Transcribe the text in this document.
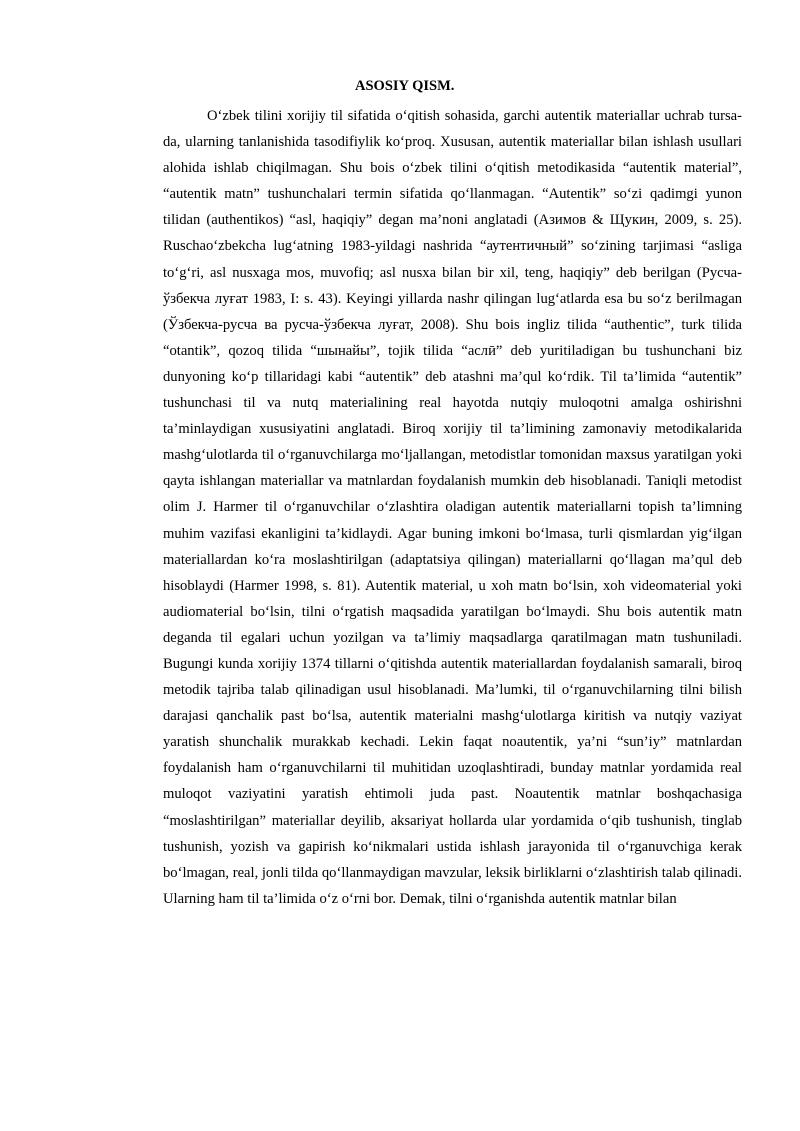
ASOSIY QISM.

O‘zbek tilini xorijiy til sifatida o‘qitish sohasida, garchi autentik materiallar uchrab tursa-da, ularning tanlanishida tasodifiylik ko‘proq. Xususan, autentik materiallar bilan ishlash usullari alohida ishlab chiqilmagan. Shu bois o‘zbek tilini o‘qitish metodikasida “autentik material”, “autentik matn” tushunchalari termin sifatida qo‘llanmagan. “Autentik” so‘zi qadimgi yunon tilidan (authentikos) “asl, haqiqiy” degan ma’noni anglatadi (Азимов & Щукин, 2009, s. 25). Ruschao‘zbekcha lug‘atning 1983-yildagi nashrida “аутентичный” so‘zining tarjimasi “asliga to‘g‘ri, asl nusxaga mos, muvofiq; asl nusxa bilan bir xil, teng, haqiqiy” deb berilgan (Русча-ўзбекча луғат 1983, I: s. 43). Keyingi yillarda nashr qilingan lug‘atlarda esa bu so‘z berilmagan (Ўзбекча-русча ва русча-ўзбекча луғат, 2008). Shu bois ingliz tilida “authentic”, turk tilida “otantik”, qozoq tilida “шынайы”, tojik tilida “аслӣ” deb yuritiladigan bu tushunchani biz dunyoning ko‘p tillaridagi kabi “autentik” deb atashni ma’qul ko‘rdik. Til ta’limida “autentik” tushunchasi til va nutq materialining real hayotda nutqiy muloqotni amalga oshirishni ta’minlaydigan xususiyatini anglatadi. Biroq xorijiy til ta’limining zamonaviy metodikalarida mashg‘ulotlarda til o‘rganuvchilarga mo‘ljallangan, metodistlar tomonidan maxsus yaratilgan yoki qayta ishlangan materiallar va matnlardan foydalanish mumkin deb hisoblanadi. Taniqli metodist olim J. Harmer til o‘rganuvchilar o‘zlashtira oladigan autentik materiallarni topish ta’limning muhim vazifasi ekanligini ta’kidlaydi. Agar buning imkoni bo‘lmasa, turli qismlardan yig‘ilgan materiallardan ko‘ra moslashtirilgan (adaptatsiya qilingan) materiallarni qo‘llagan ma’qul deb hisoblaydi (Harmer 1998, s. 81). Autentik material, u xoh matn bo‘lsin, xoh videomaterial yoki audiomaterial bo‘lsin, tilni o‘rgatish maqsadida yaratilgan bo‘lmaydi. Shu bois autentik matn deganda til egalari uchun yozilgan va ta’limiy maqsadlarga qaratilmagan matn tushuniladi. Bugungi kunda xorijiy 1374 tillarni o‘qitishda autentik materiallardan foydalanish samarali, biroq metodik tajriba talab qilinadigan usul hisoblanadi. Ma’lumki, til o‘rganuvchilarning tilni bilish darajasi qanchalik past bo‘lsa, autentik materialni mashg‘ulotlarga kiritish va nutqiy vaziyat yaratish shunchalik murakkab kechadi. Lekin faqat noautentik, ya’ni “sun’iy” matnlardan foydalanish ham o‘rganuvchilarni til muhitidan uzoqlashtiradi, bunday matnlar yordamida real muloqot vaziyatini yaratish ehtimoli juda past. Noautentik matnlar boshqachasiga “moslashtirilgan” materiallar deyilib, aksariyat hollarda ular yordamida o‘qib tushunish, tinglab tushunish, yozish va gapirish ko‘nikmalari ustida ishlash jarayonida til o‘rganuvchiga kerak bo‘lmagan, real, jonli tilda qo‘llanmaydigan mavzular, leksik birliklarni o‘zlashtirish talab qilinadi. Ularning ham til ta’limida o‘z o‘rni bor. Demak, tilni o‘rganishda autentik matnlar bilan
